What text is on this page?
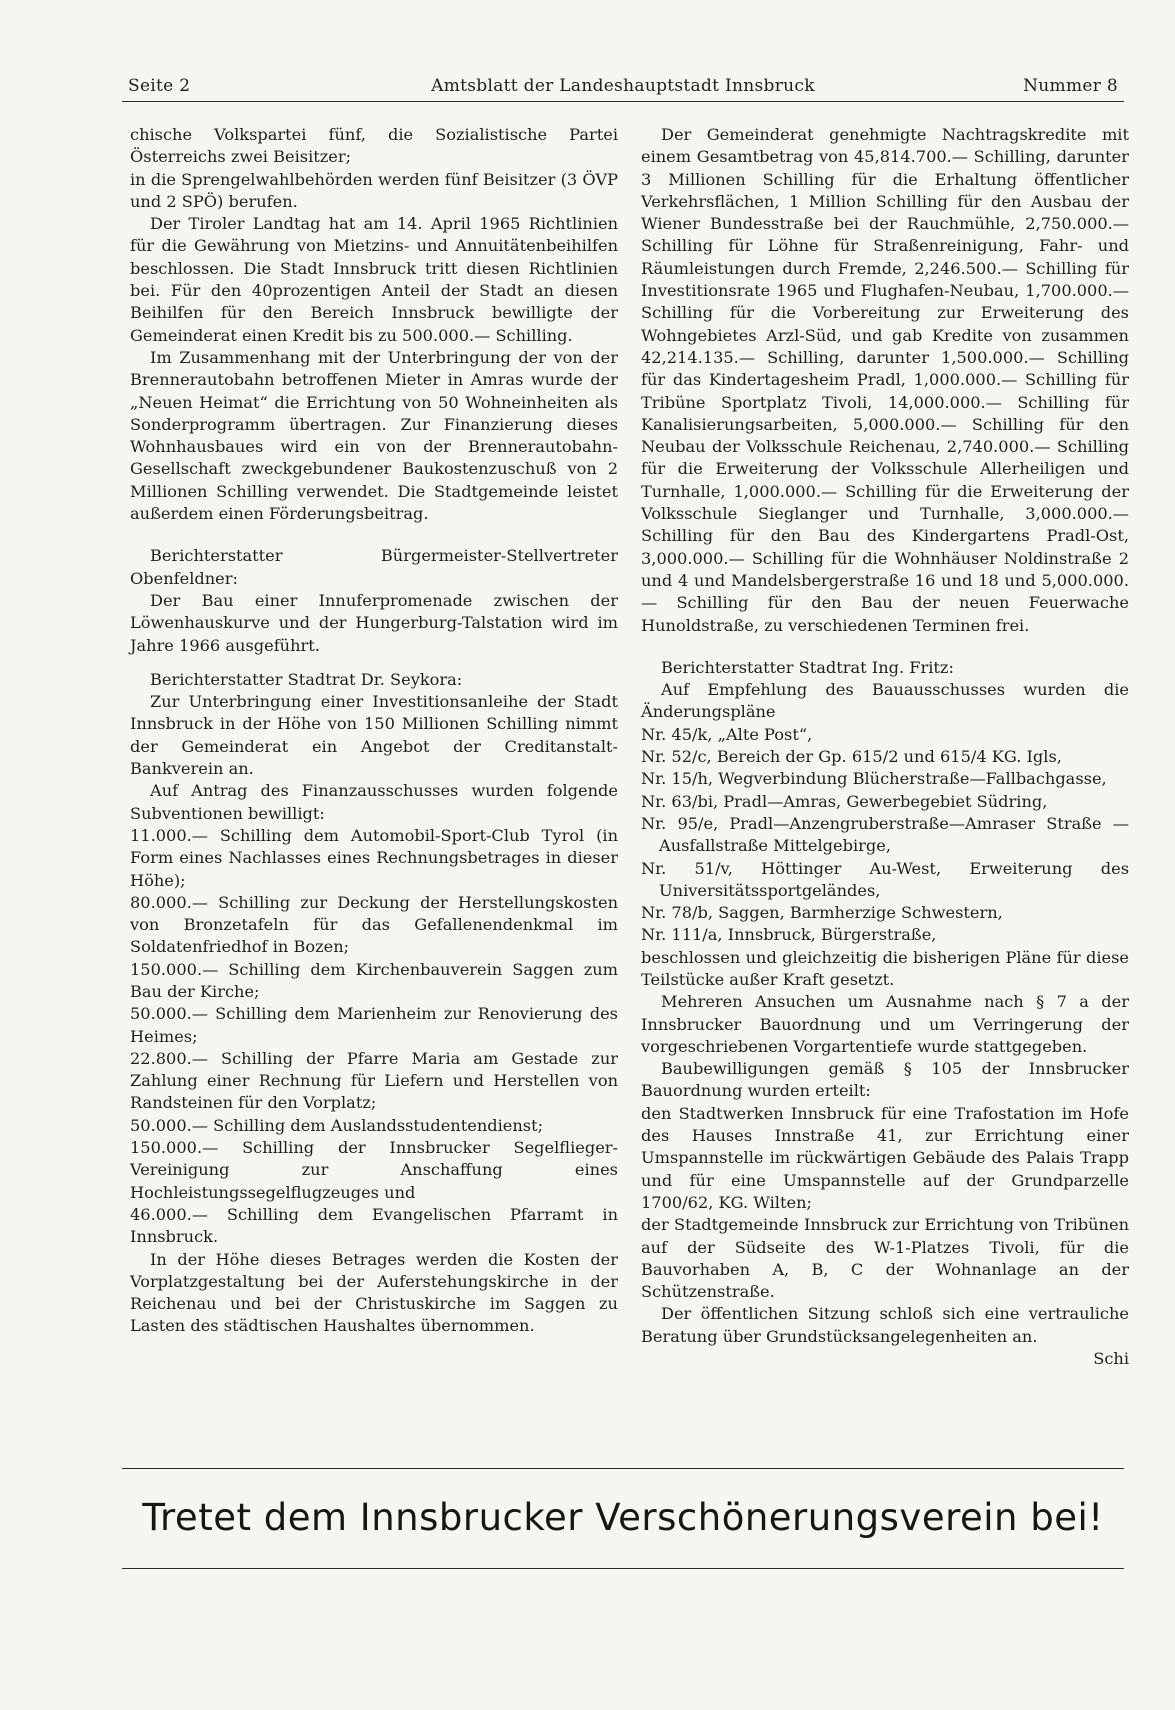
Amtsblatt der Landeshauptstadt Innsbruck
Seite 2	Nummer 8

chische Volkspartei fünf, die Sozialistische Partei Österreichs zwei Beisitzer;

in die Sprengelwahlbehörden werden fünf Beisitzer (3 ÖVP und 2 SPÖ) berufen.

Der Tiroler Landtag hat am 14. April 1965 Richtlinien für die Gewährung von Mietzins- und Annuitätenbeihilfen beschlossen. Die Stadt Innsbruck tritt diesen Richtlinien bei. Für den 40prozentigen Anteil der Stadt an diesen Beihilfen für den Bereich Innsbruck bewilligte der Gemeinderat einen Kredit bis zu 500.000.— Schilling.

Im Zusammenhang mit der Unterbringung der von der Brennerautobahn betroffenen Mieter in Amras wurde der „Neuen Heimat“ die Errichtung von 50 Wohneinheiten als Sonderprogramm übertragen. Zur Finanzierung dieses Wohnhausbaues wird ein von der Brennerautobahn-Gesellschaft zweckgebundener Baukostenzuschuß von 2 Millionen Schilling verwendet. Die Stadtgemeinde leistet außerdem einen Förderungsbeitrag.

Berichterstatter Bürgermeister-Stellvertreter Obenfeldner:

Der Bau einer Innuferpromenade zwischen der Löwenhauskurve und der Hungerburg-Talstation wird im Jahre 1966 ausgeführt.

Berichterstatter Stadtrat Dr. Seykora:

Zur Unterbringung einer Investitionsanleihe der Stadt Innsbruck in der Höhe von 150 Millionen Schilling nimmt der Gemeinderat ein Angebot der Creditanstalt-Bankverein an.

Auf Antrag des Finanzausschusses wurden folgende Subventionen bewilligt:

11.000.— Schilling dem Automobil-Sport-Club Tyrol (in Form eines Nachlasses eines Rechnungsbetrages in dieser Höhe);

80.000.— Schilling zur Deckung der Herstellungskosten von Bronzetafeln für das Gefallenendenkmal im Soldatenfriedhof in Bozen;

150.000.— Schilling dem Kirchenbauverein Saggen zum Bau der Kirche;

50.000.— Schilling dem Marienheim zur Renovierung des Heimes;

22.800.— Schilling der Pfarre Maria am Gestade zur Zahlung einer Rechnung für Liefern und Herstellen von Randsteinen für den Vorplatz;

50.000.— Schilling dem Auslandsstudentendienst;

150.000.— Schilling der Innsbrucker Segelflieger-Vereinigung zur Anschaffung eines Hochleistungssegelflugzeuges und

46.000.— Schilling dem Evangelischen Pfarramt in Innsbruck.

In der Höhe dieses Betrages werden die Kosten der Vorplatzgestaltung bei der Auferstehungskirche in der Reichenau und bei der Christuskirche im Saggen zu Lasten des städtischen Haushaltes übernommen.

Der Gemeinderat genehmigte Nachtragskredite mit einem Gesamtbetrag von 45,814.700.— Schilling, darunter 3 Millionen Schilling für die Erhaltung öffentlicher Verkehrsflächen, 1 Million Schilling für den Ausbau der Wiener Bundesstraße bei der Rauchmühle, 2,750.000.— Schilling für Löhne für Straßenreinigung, Fahr- und Räumleistungen durch Fremde, 2,246.500.— Schilling für Investitionsrate 1965 und Flughafen-Neubau, 1,700.000.— Schilling für die Vorbereitung zur Erweiterung des Wohngebietes Arzl-Süd, und gab Kredite von zusammen 42,214.135.— Schilling, darunter 1,500.000.— Schilling für das Kindertagesheim Pradl, 1,000.000.— Schilling für Tribüne Sportplatz Tivoli, 14,000.000.— Schilling für Kanalisierungsarbeiten, 5,000.000.— Schilling für den Neubau der Volksschule Reichenau, 2,740.000.— Schilling für die Erweiterung der Volksschule Allerheiligen und Turnhalle, 1,000.000.— Schilling für die Erweiterung der Volksschule Sieglanger und Turnhalle, 3,000.000.— Schilling für den Bau des Kindergartens Pradl-Ost, 3,000.000.— Schilling für die Wohnhäuser Noldinstraße 2 und 4 und Mandelsbergerstraße 16 und 18 und 5,000.000.— Schilling für den Bau der neuen Feuerwache Hunoldstraße, zu verschiedenen Terminen frei.

Berichterstatter Stadtrat Ing. Fritz:

Auf Empfehlung des Bauausschusses wurden die Änderungspläne

Nr. 45/k, „Alte Post“,

Nr. 52/c, Bereich der Gp. 615/2 und 615/4 KG. Igls,

Nr. 15/h, Wegverbindung Blücherstraße—Fallbachgasse,

Nr. 63/bi, Pradl—Amras, Gewerbegebiet Südring,

Nr. 95/e, Pradl—Anzengruberstraße—Amraser Straße —Ausfallstraße Mittelgebirge,

Nr. 51/v, Höttinger Au-West, Erweiterung des Universitätssportgeländes,

Nr. 78/b, Saggen, Barmherzige Schwestern,

Nr. 111/a, Innsbruck, Bürgerstraße,

beschlossen und gleichzeitig die bisherigen Pläne für diese Teilstücke außer Kraft gesetzt.

Mehreren Ansuchen um Ausnahme nach § 7 a der Innsbrucker Bauordnung und um Verringerung der vorgeschriebenen Vorgartentiefe wurde stattgegeben.

Baubewilligungen gemäß § 105 der Innsbrucker Bauordnung wurden erteilt:

den Stadtwerken Innsbruck für eine Trafostation im Hofe des Hauses Innstraße 41, zur Errichtung einer Umspannstelle im rückwärtigen Gebäude des Palais Trapp und für eine Umspannstelle auf der Grundparzelle 1700/62, KG. Wilten;

der Stadtgemeinde Innsbruck zur Errichtung von Tribünen auf der Südseite des W-1-Platzes Tivoli, für die Bauvorhaben A, B, C der Wohnanlage an der Schützenstraße.

Der öffentlichen Sitzung schloß sich eine vertrauliche Beratung über Grundstücksangelegenheiten an.

Schi

Tretet dem Innsbrucker Verschönerungsverein bei!
